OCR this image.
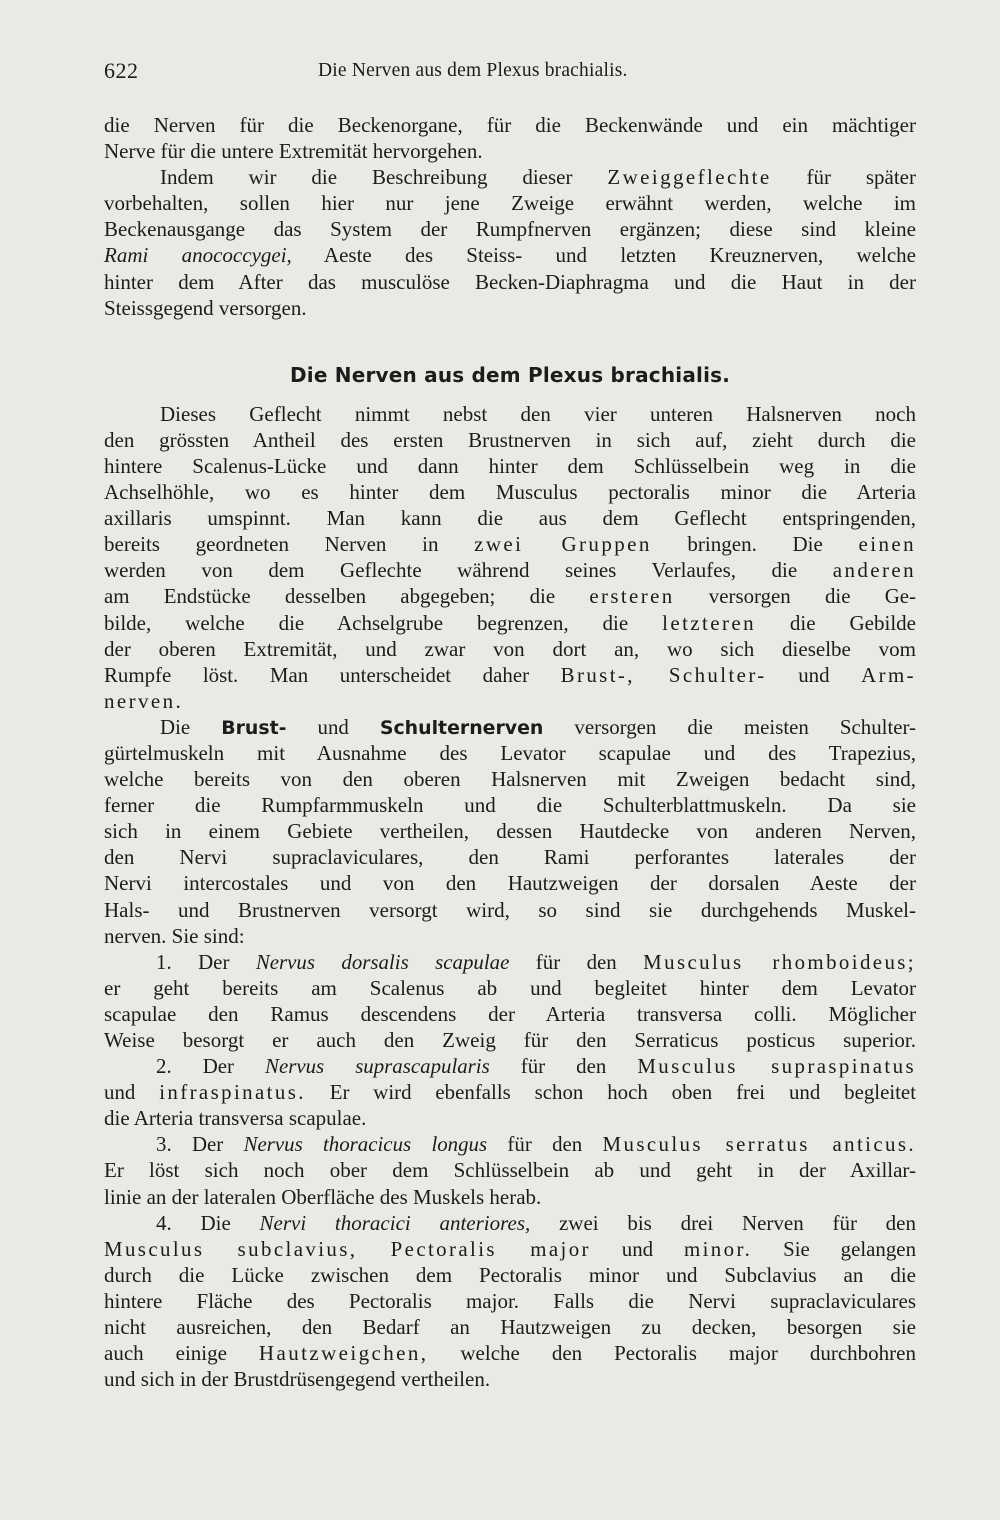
622	Die Nerven aus dem Plexus brachialis.
die Nerven für die Beckenorgane, für die Beckenwände und ein mächtiger
Nerve für die untere Extremität hervorgehen.
Indem wir die Beschreibung dieser Zweiggeflechte für später
vorbehalten, sollen hier nur jene Zweige erwähnt werden, welche im
Beckenausgange das System der Rumpfnerven ergänzen; diese sind kleine
Rami anococcygei, Aeste des Steiss- und letzten Kreuznerven, welche
hinter dem After das musculöse Becken-Diaphragma und die Haut in der
Steissgegend versorgen.
Die Nerven aus dem Plexus brachialis.
Dieses Geflecht nimmt nebst den vier unteren Halsnerven noch
den grössten Antheil des ersten Brustnerven in sich auf, zieht durch die
hintere Scalenus-Lücke und dann hinter dem Schlüsselbein weg in die
Achselhöhle, wo es hinter dem Musculus pectoralis minor die Arteria
axillaris umspinnt. Man kann die aus dem Geflecht entspringenden,
bereits geordneten Nerven in zwei Gruppen bringen. Die einen
werden von dem Geflechte während seines Verlaufes, die anderen
am Endstücke desselben abgegeben; die ersteren versorgen die Ge-
bilde, welche die Achselgrube begrenzen, die letzteren die Gebilde
der oberen Extremität, und zwar von dort an, wo sich dieselbe vom
Rumpfe löst. Man unterscheidet daher Brust-, Schulter- und Arm-
nerven.
Die Brust- und Schulternerven versorgen die meisten Schulter-
gürtelmuskeln mit Ausnahme des Levator scapulae und des Trapezius,
welche bereits von den oberen Halsnerven mit Zweigen bedacht sind,
ferner die Rumpfarmmuskeln und die Schulterblattmuskeln. Da sie
sich in einem Gebiete vertheilen, dessen Hautdecke von anderen Nerven,
den Nervi supraclaviculares, den Rami perforantes laterales der
Nervi intercostales und von den Hautzweigen der dorsalen Aeste der
Hals- und Brustnerven versorgt wird, so sind sie durchgehends Muskel-
nerven. Sie sind:
1. Der Nervus dorsalis scapulae für den Musculus rhomboideus;
er geht bereits am Scalenus ab und begleitet hinter dem Levator
scapulae den Ramus descendens der Arteria transversa colli. Möglicher
Weise besorgt er auch den Zweig für den Serraticus posticus superior.
2. Der Nervus suprascapularis für den Musculus supraspinatus
und infraspinatus. Er wird ebenfalls schon hoch oben frei und begleitet
die Arteria transversa scapulae.
3. Der Nervus thoracicus longus für den Musculus serratus anticus.
Er löst sich noch ober dem Schlüsselbein ab und geht in der Axillar-
linie an der lateralen Oberfläche des Muskels herab.
4. Die Nervi thoracici anteriores, zwei bis drei Nerven für den
Musculus subclavius, Pectoralis major und minor. Sie gelangen
durch die Lücke zwischen dem Pectoralis minor und Subclavius an die
hintere Fläche des Pectoralis major. Falls die Nervi supraclaviculares
nicht ausreichen, den Bedarf an Hautzweigen zu decken, besorgen sie
auch einige Hautzweigchen, welche den Pectoralis major durchbohren
und sich in der Brustdrüsengegend vertheilen.
